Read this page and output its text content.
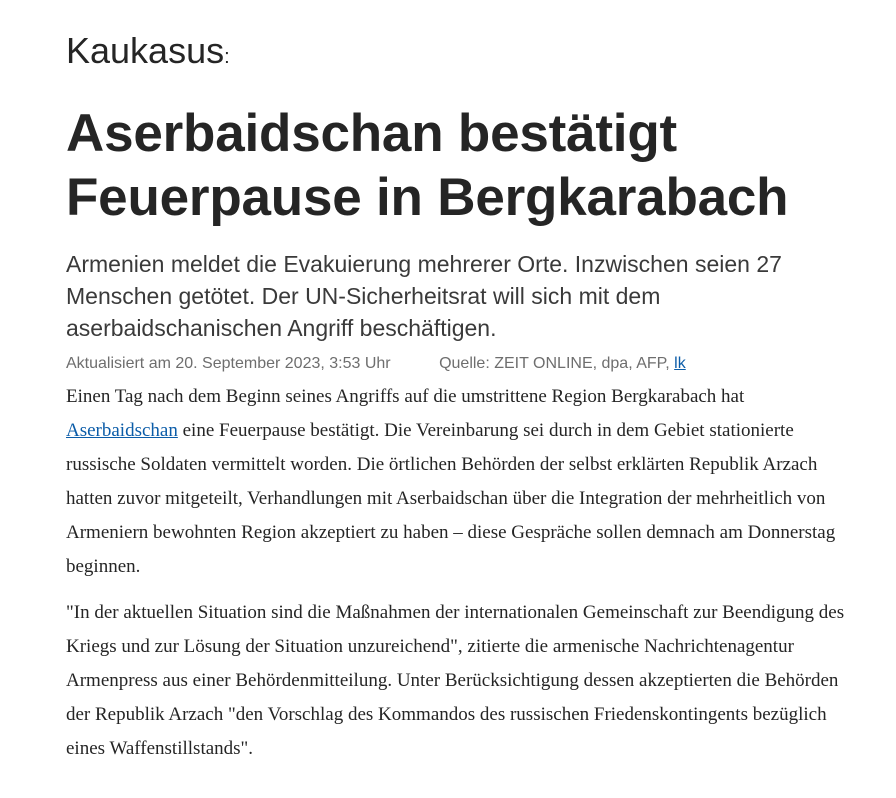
Kaukasus:
Aserbaidschan bestätigt
Feuerpause in Bergkarabach

Armenien meldet die Evakuierung mehrerer Orte. Inzwischen seien 27 Menschen getötet. Der UN-Sicherheitsrat will sich mit dem aserbaidschanischen Angriff beschäftigen.

Aktualisiert am 20. September 2023, 3:53 Uhr	Quelle: ZEIT ONLINE, dpa, AFP, lk

Einen Tag nach dem Beginn seines Angriffs auf die umstrittene Region Bergkarabach hat Aserbaidschan eine Feuerpause bestätigt. Die Vereinbarung sei durch in dem Gebiet stationierte russische Soldaten vermittelt worden. Die örtlichen Behörden der selbst erklärten Republik Arzach hatten zuvor mitgeteilt, Verhandlungen mit Aserbaidschan über die Integration der mehrheitlich von Armeniern bewohnten Region akzeptiert zu haben – diese Gespräche sollen demnach am Donnerstag beginnen.

"In der aktuellen Situation sind die Maßnahmen der internationalen Gemeinschaft zur Beendigung des Kriegs und zur Lösung der Situation unzureichend", zitierte die armenische Nachrichtenagentur Armenpress aus einer Behördenmitteilung. Unter Berücksichtigung dessen akzeptierten die Behörden der Republik Arzach "den Vorschlag des Kommandos des russischen Friedenskontingents bezüglich eines Waffenstillstands".
